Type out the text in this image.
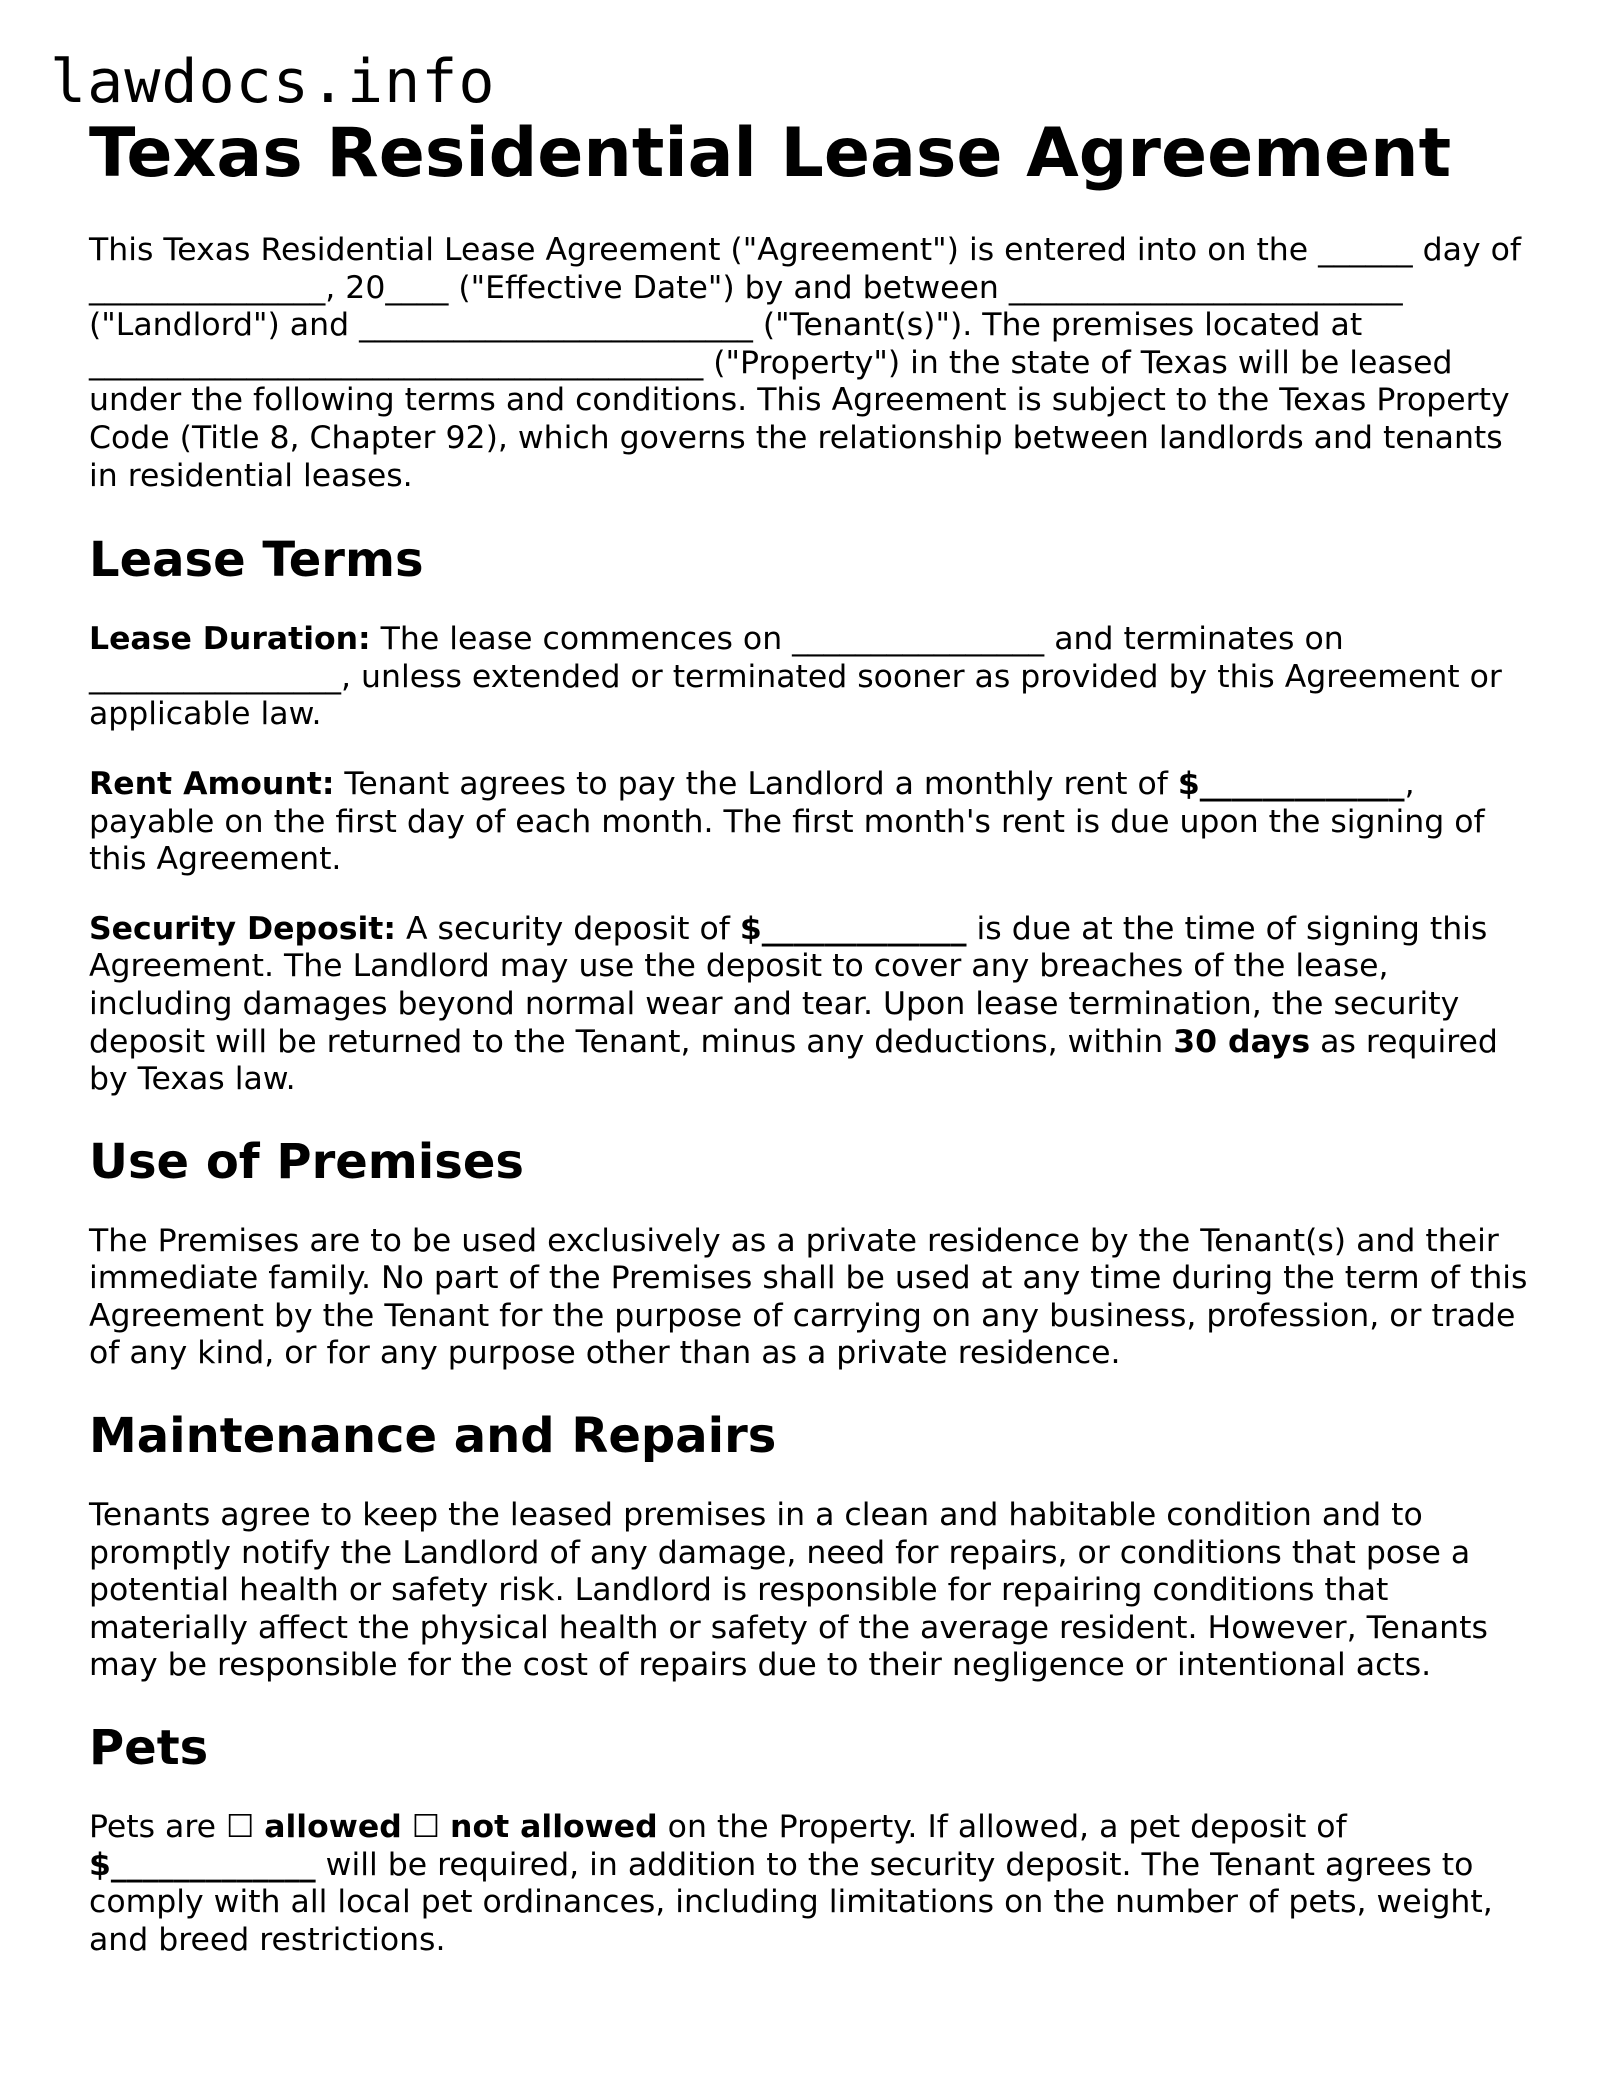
lawdocs.info
Texas Residential Lease Agreement

This Texas Residential Lease Agreement ("Agreement") is entered into on the ______ day of _______________, 20____ ("Effective Date") by and between _________________________ ("Landlord") and _________________________ ("Tenant(s)"). The premises located at _______________________________________ ("Property") in the state of Texas will be leased under the following terms and conditions. This Agreement is subject to the Texas Property Code (Title 8, Chapter 92), which governs the relationship between landlords and tenants in residential leases.

Lease Terms

Lease Duration: The lease commences on ________________ and terminates on ________________, unless extended or terminated sooner as provided by this Agreement or applicable law.

Rent Amount: Tenant agrees to pay the Landlord a monthly rent of $_____________, payable on the first day of each month. The first month's rent is due upon the signing of this Agreement.

Security Deposit: A security deposit of $_____________ is due at the time of signing this Agreement. The Landlord may use the deposit to cover any breaches of the lease, including damages beyond normal wear and tear. Upon lease termination, the security deposit will be returned to the Tenant, minus any deductions, within 30 days as required by Texas law.

Use of Premises

The Premises are to be used exclusively as a private residence by the Tenant(s) and their immediate family. No part of the Premises shall be used at any time during the term of this Agreement by the Tenant for the purpose of carrying on any business, profession, or trade of any kind, or for any purpose other than as a private residence.

Maintenance and Repairs

Tenants agree to keep the leased premises in a clean and habitable condition and to promptly notify the Landlord of any damage, need for repairs, or conditions that pose a potential health or safety risk. Landlord is responsible for repairing conditions that materially affect the physical health or safety of the average resident. However, Tenants may be responsible for the cost of repairs due to their negligence or intentional acts.

Pets

Pets are ☐ allowed ☐ not allowed on the Property. If allowed, a pet deposit of $_____________ will be required, in addition to the security deposit. The Tenant agrees to comply with all local pet ordinances, including limitations on the number of pets, weight, and breed restrictions.
